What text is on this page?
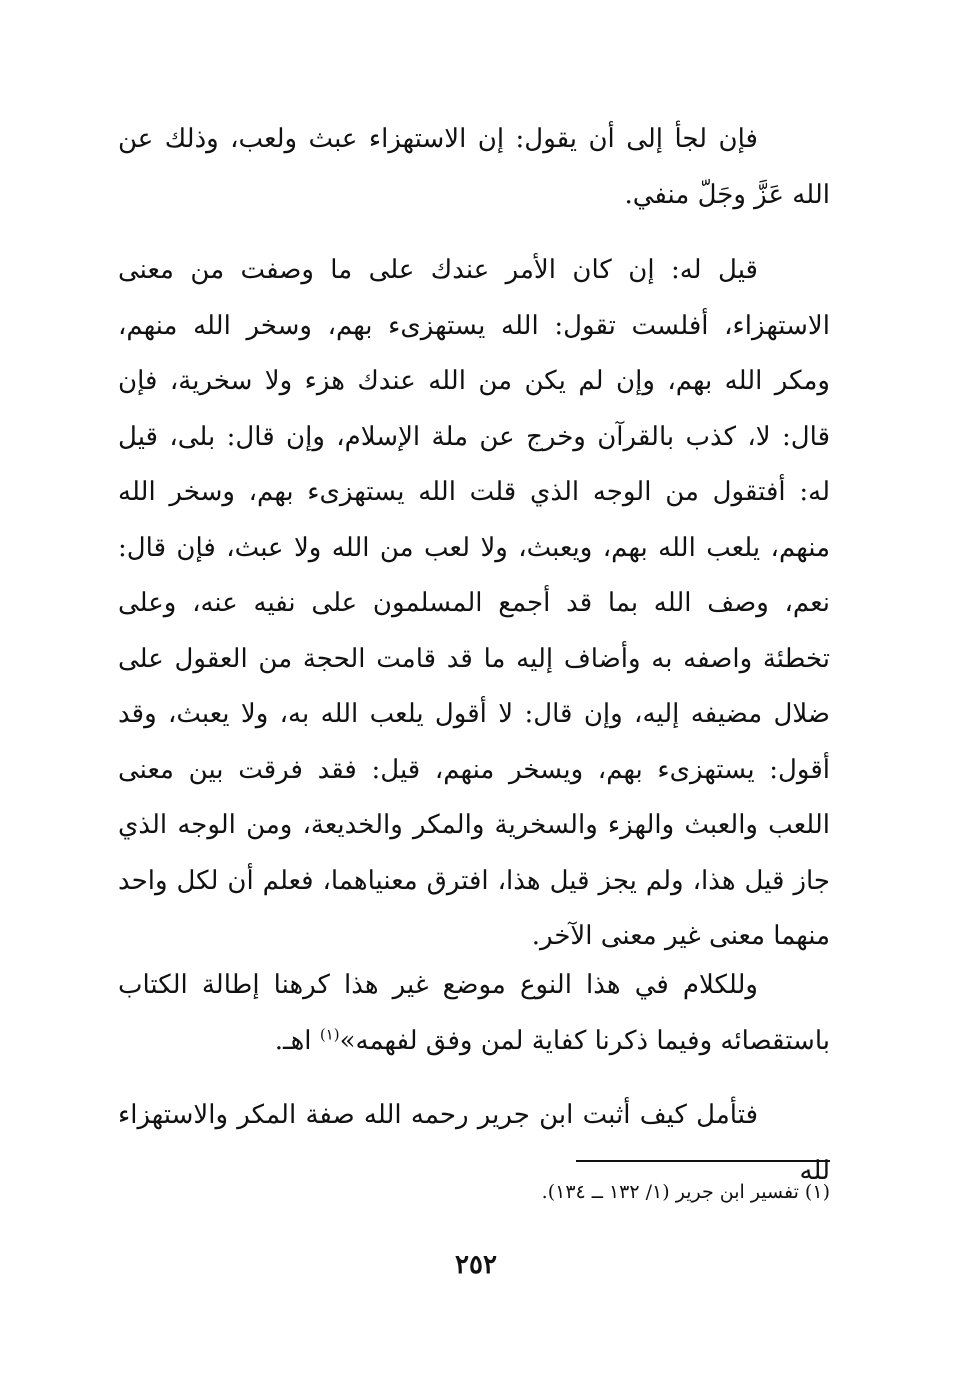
فإن لجأ إلى أن يقول: إن الاستهزاء عبث ولعب، وذلك عن الله عَزَّ وجَلّ منفي.

قيل له: إن كان الأمر عندك على ما وصفت من معنى الاستهزاء، أفلست تقول: الله يستهزىء بهم، وسخر الله منهم، ومكر الله بهم، وإن لم يكن من الله عندك هزء ولا سخرية، فإن قال: لا، كذب بالقرآن وخرج عن ملة الإسلام، وإن قال: بلى، قيل له: أفتقول من الوجه الذي قلت الله يستهزىء بهم، وسخر الله منهم، يلعب الله بهم، ويعبث، ولا لعب من الله ولا عبث، فإن قال: نعم، وصف الله بما قد أجمع المسلمون على نفيه عنه، وعلى تخطئة واصفه به وأضاف إليه ما قد قامت الحجة من العقول على ضلال مضيفه إليه، وإن قال: لا أقول يلعب الله به، ولا يعبث، وقد أقول: يستهزىء بهم، ويسخر منهم، قيل: فقد فرقت بين معنى اللعب والعبث والهزء والسخرية والمكر والخديعة، ومن الوجه الذي جاز قيل هذا، ولم يجز قيل هذا، افترق معنياهما، فعلم أن لكل واحد منهما معنى غير معنى الآخر.

وللكلام في هذا النوع موضع غير هذا كرهنا إطالة الكتاب باستقصائه وفيما ذكرنا كفاية لمن وفق لفهمه»$^{(١)}$ اهـ.

فتأمل كيف أثبت ابن جرير رحمه الله صفة المكر والاستهزاء لله

(١) تفسير ابن جرير (١/ ١٣٢ ــ ١٣٤).
٢٥٢
